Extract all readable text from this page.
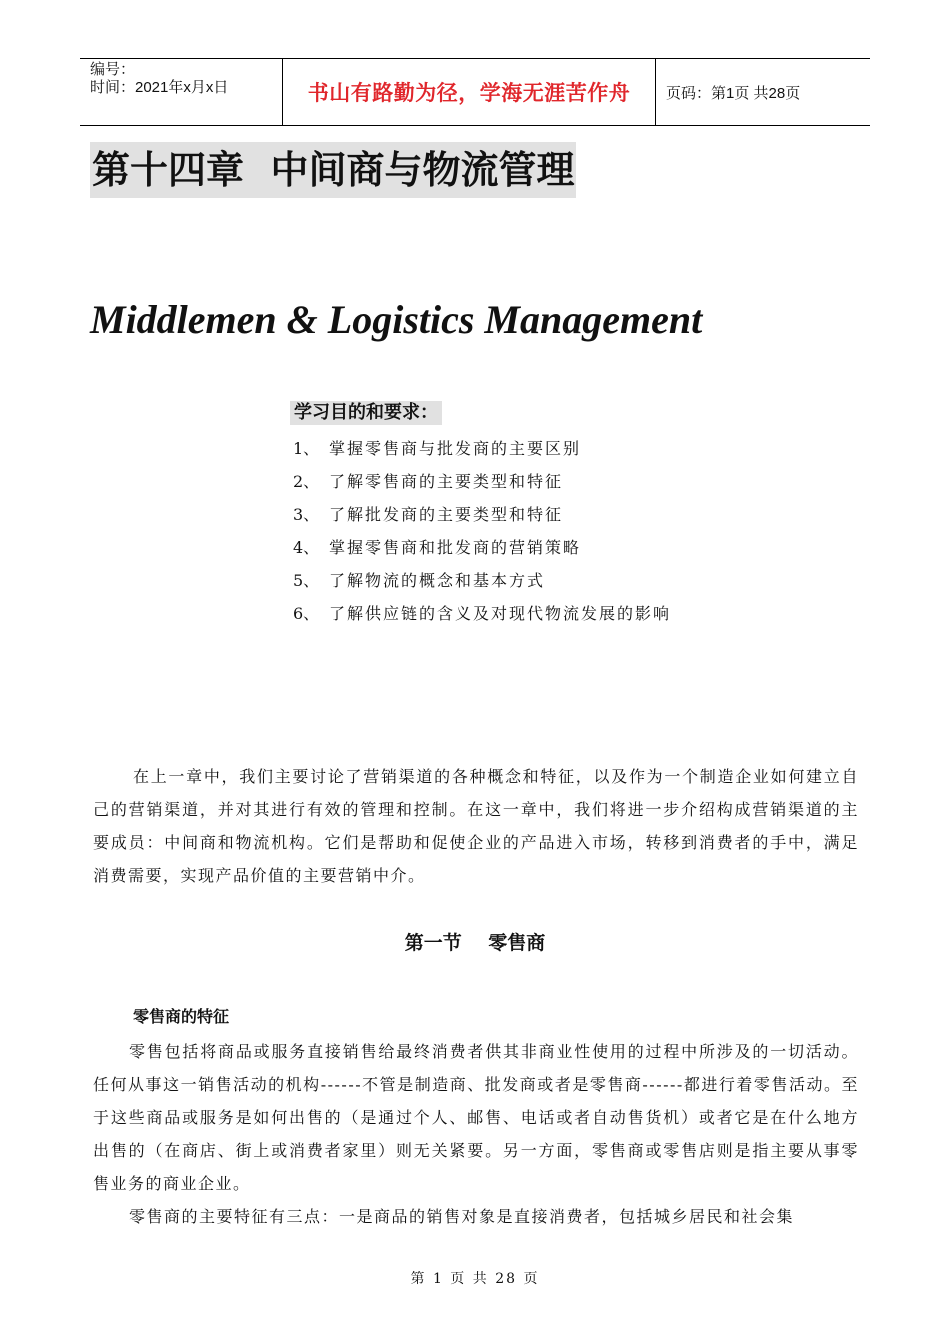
编号：
时间：2021年x月x日	书山有路勤为径，学海无涯苦作舟	页码：第1页 共28页
第十四章  中间商与物流管理
Middlemen & Logistics Management
学习目的和要求：
1、 掌握零售商与批发商的主要区别
2、 了解零售商的主要类型和特征
3、 了解批发商的主要类型和特征
4、 掌握零售商和批发商的营销策略
5、 了解物流的概念和基本方式
6、 了解供应链的含义及对现代物流发展的影响

在上一章中，我们主要讨论了营销渠道的各种概念和特征，以及作为一个制造企业如何建立自己的营销渠道，并对其进行有效的管理和控制。在这一章中，我们将进一步介绍构成营销渠道的主要成员：中间商和物流机构。它们是帮助和促使企业的产品进入市场，转移到消费者的手中，满足消费需要，实现产品价值的主要营销中介。

第一节    零售商
零售商的特征

零售包括将商品或服务直接销售给最终消费者供其非商业性使用的过程中所涉及的一切活动。任何从事这一销售活动的机构------不管是制造商、批发商或者是零售商------都进行着零售活动。至于这些商品或服务是如何出售的（是通过个人、邮售、电话或者自动售货机）或者它是在什么地方出售的（在商店、街上或消费者家里）则无关紧要。另一方面，零售商或零售店则是指主要从事零售业务的商业企业。

零售商的主要特征有三点：一是商品的销售对象是直接消费者，包括城乡居民和社会集

第 1 页 共 28 页
